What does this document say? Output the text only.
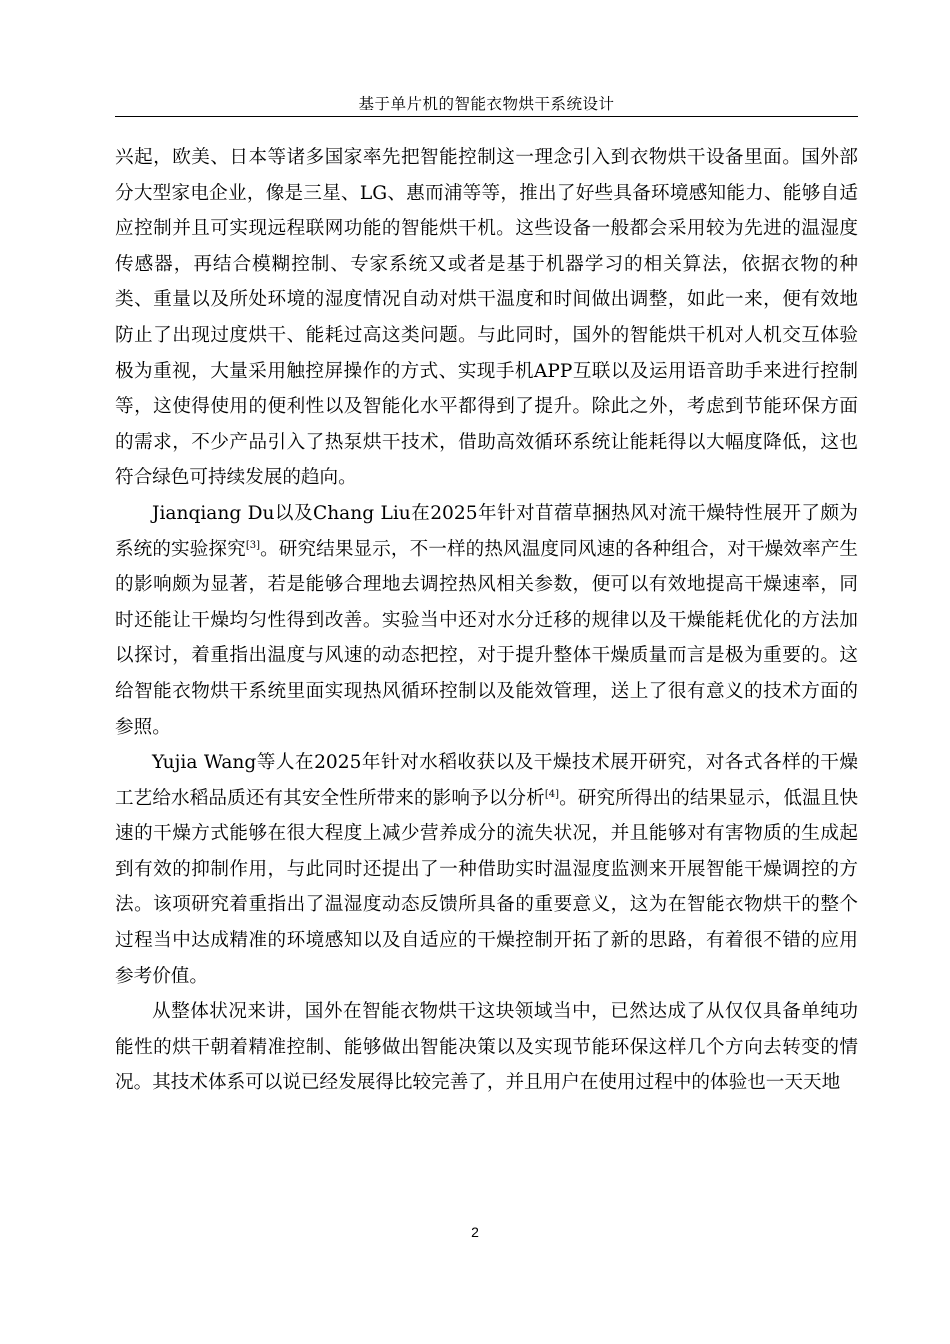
基于单片机的智能衣物烘干系统设计

兴起，欧美、日本等诸多国家率先把智能控制这一理念引入到衣物烘干设备里面。国外部分大型家电企业，像是三星、LG、惠而浦等等，推出了好些具备环境感知能力、能够自适应控制并且可实现远程联网功能的智能烘干机。这些设备一般都会采用较为先进的温湿度传感器，再结合模糊控制、专家系统又或者是基于机器学习的相关算法，依据衣物的种类、重量以及所处环境的湿度情况自动对烘干温度和时间做出调整，如此一来，便有效地防止了出现过度烘干、能耗过高这类问题。与此同时，国外的智能烘干机对人机交互体验极为重视，大量采用触控屏操作的方式、实现手机APP互联以及运用语音助手来进行控制等，这使得使用的便利性以及智能化水平都得到了提升。除此之外，考虑到节能环保方面的需求，不少产品引入了热泵烘干技术，借助高效循环系统让能耗得以大幅度降低，这也符合绿色可持续发展的趋向。

Jianqiang Du以及Chang Liu在2025年针对苜蓿草捆热风对流干燥特性展开了颇为系统的实验探究[3]。研究结果显示，不一样的热风温度同风速的各种组合，对干燥效率产生的影响颇为显著，若是能够合理地去调控热风相关参数，便可以有效地提高干燥速率，同时还能让干燥均匀性得到改善。实验当中还对水分迁移的规律以及干燥能耗优化的方法加以探讨，着重指出温度与风速的动态把控，对于提升整体干燥质量而言是极为重要的。这给智能衣物烘干系统里面实现热风循环控制以及能效管理，送上了很有意义的技术方面的参照。

Yujia Wang等人在2025年针对水稻收获以及干燥技术展开研究，对各式各样的干燥工艺给水稻品质还有其安全性所带来的影响予以分析[4]。研究所得出的结果显示，低温且快速的干燥方式能够在很大程度上减少营养成分的流失状况，并且能够对有害物质的生成起到有效的抑制作用，与此同时还提出了一种借助实时温湿度监测来开展智能干燥调控的方法。该项研究着重指出了温湿度动态反馈所具备的重要意义，这为在智能衣物烘干的整个过程当中达成精准的环境感知以及自适应的干燥控制开拓了新的思路，有着很不错的应用参考价值。

从整体状况来讲，国外在智能衣物烘干这块领域当中，已然达成了从仅仅具备单纯功能性的烘干朝着精准控制、能够做出智能决策以及实现节能环保这样几个方向去转变的情况。其技术体系可以说已经发展得比较完善了，并且用户在使用过程中的体验也一天天地

2
